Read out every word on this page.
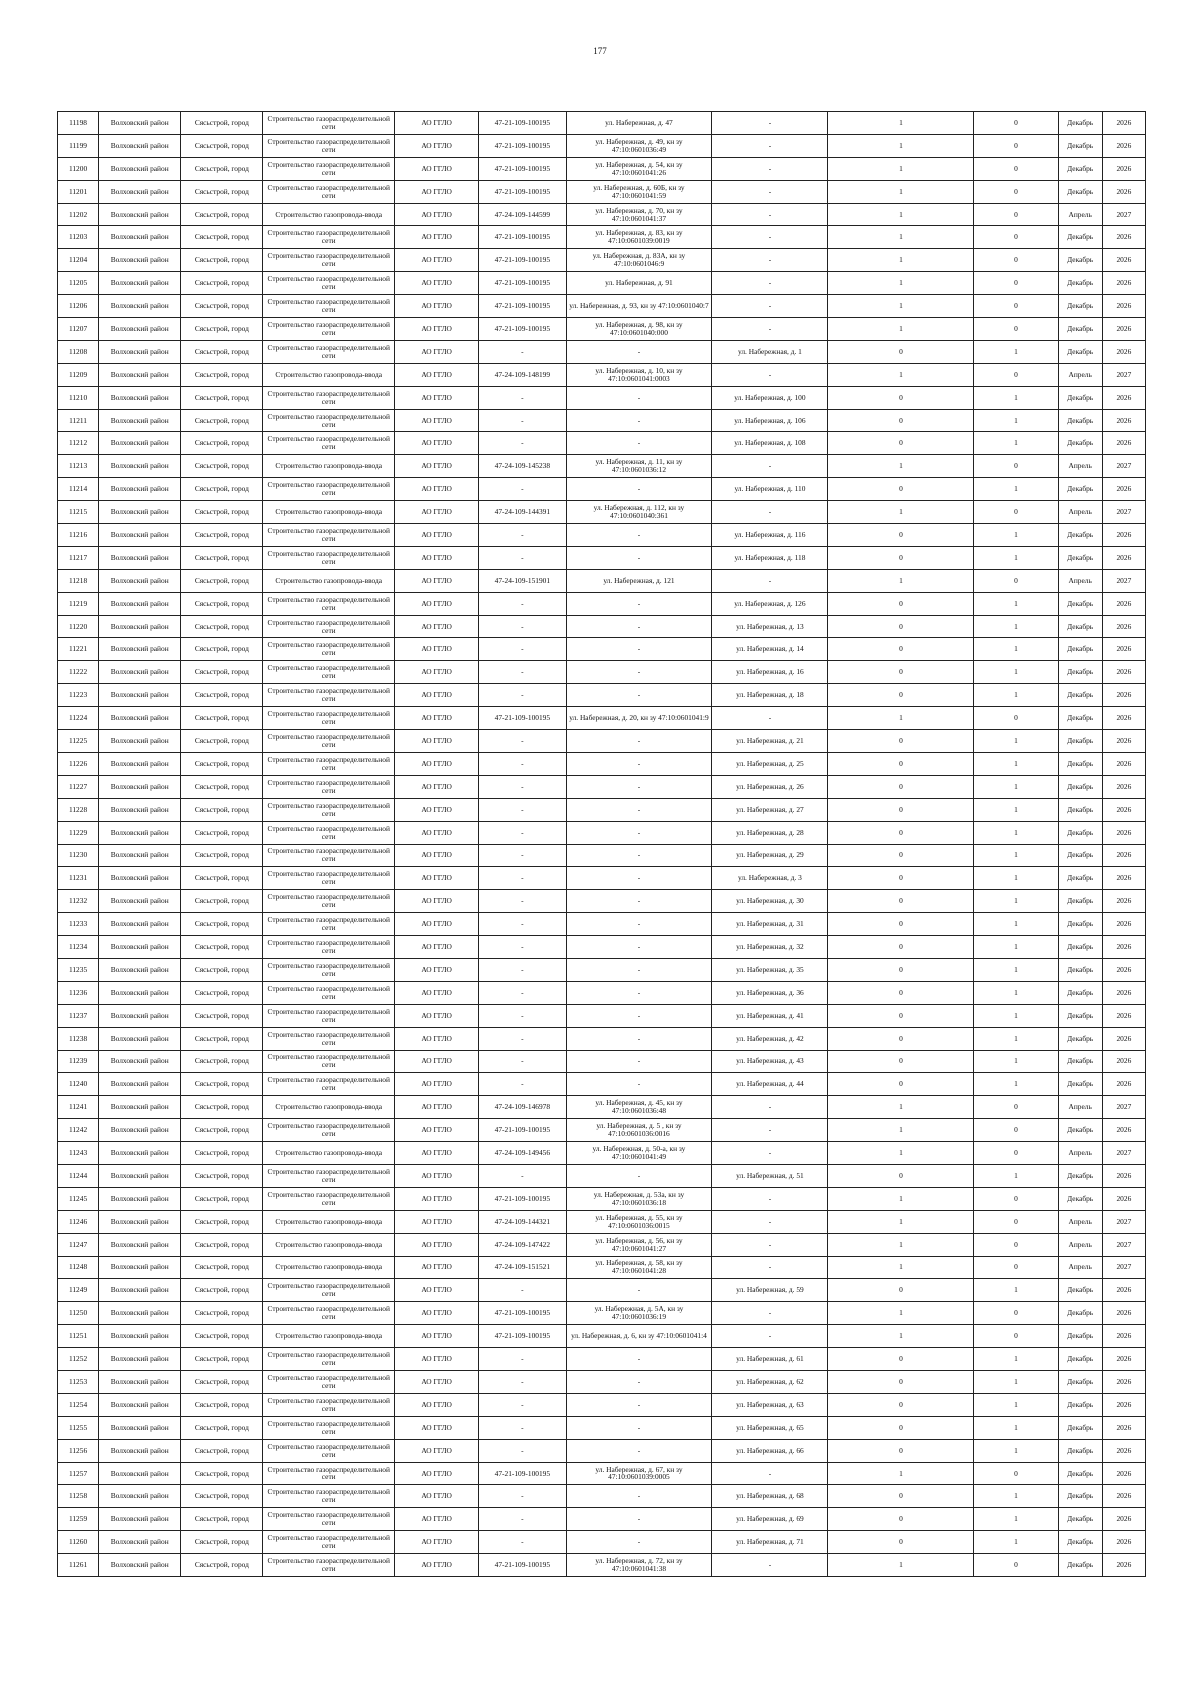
177
11198	Волховский район	Сясьстрой, город	Строительство газораспределительной сети	АО ГГЛО	47-21-109-100195	ул. Набережная, д. 47	-	1	0	Декабрь	2026
11199	Волховский район	Сясьстрой, город	Строительство газораспределительной сети	АО ГГЛО	47-21-109-100195	ул. Набережная, д. 49, кн зу 47:10:0601036:49	-	1	0	Декабрь	2026
11200	Волховский район	Сясьстрой, город	Строительство газораспределительной сети	АО ГГЛО	47-21-109-100195	ул. Набережная, д. 54, кн зу 47:10:0601041:26	-	1	0	Декабрь	2026
11201	Волховский район	Сясьстрой, город	Строительство газораспределительной сети	АО ГГЛО	47-21-109-100195	ул. Набережная, д. 60Б, кн зу 47:10:0601041:59	-	1	0	Декабрь	2026
11202	Волховский район	Сясьстрой, город	Строительство газопровода-ввода	АО ГГЛО	47-24-109-144599	ул. Набережная, д. 70, кн зу 47:10:0601041:37	-	1	0	Апрель	2027
11203	Волховский район	Сясьстрой, город	Строительство газораспределительной сети	АО ГГЛО	47-21-109-100195	ул. Набережная, д. 83, кн зу 47:10:0601039:0019	-	1	0	Декабрь	2026
11204	Волховский район	Сясьстрой, город	Строительство газораспределительной сети	АО ГГЛО	47-21-109-100195	ул. Набережная, д. 83А, кн зу 47:10:0601046:9	-	1	0	Декабрь	2026
11205	Волховский район	Сясьстрой, город	Строительство газораспределительной сети	АО ГГЛО	47-21-109-100195	ул. Набережная, д. 91	-	1	0	Декабрь	2026
11206	Волховский район	Сясьстрой, город	Строительство газораспределительной сети	АО ГГЛО	47-21-109-100195	ул. Набережная, д. 93, кн зу 47:10:0601040:7	-	1	0	Декабрь	2026
11207	Волховский район	Сясьстрой, город	Строительство газораспределительной сети	АО ГГЛО	47-21-109-100195	ул. Набережная, д. 98, кн зу 47:10:0601040:000	-	1	0	Декабрь	2026
11208	Волховский район	Сясьстрой, город	Строительство газораспределительной сети	АО ГГЛО	-	-	ул. Набережная, д. 1	0	1	Декабрь	2026
11209	Волховский район	Сясьстрой, город	Строительство газопровода-ввода	АО ГГЛО	47-24-109-148199	ул. Набережная, д. 10, кн зу 47:10:0601041:0003	-	1	0	Апрель	2027
11210	Волховский район	Сясьстрой, город	Строительство газораспределительной сети	АО ГГЛО	-	-	ул. Набережная, д. 100	0	1	Декабрь	2026
11211	Волховский район	Сясьстрой, город	Строительство газораспределительной сети	АО ГГЛО	-	-	ул. Набережная, д. 106	0	1	Декабрь	2026
11212	Волховский район	Сясьстрой, город	Строительство газораспределительной сети	АО ГГЛО	-	-	ул. Набережная, д. 108	0	1	Декабрь	2026
11213	Волховский район	Сясьстрой, город	Строительство газопровода-ввода	АО ГГЛО	47-24-109-145238	ул. Набережная, д. 11, кн зу 47:10:0601036:12	-	1	0	Апрель	2027
11214	Волховский район	Сясьстрой, город	Строительство газораспределительной сети	АО ГГЛО	-	-	ул. Набережная, д. 110	0	1	Декабрь	2026
11215	Волховский район	Сясьстрой, город	Строительство газопровода-ввода	АО ГГЛО	47-24-109-144391	ул. Набережная, д. 112, кн зу 47:10:0601040:361	-	1	0	Апрель	2027
11216	Волховский район	Сясьстрой, город	Строительство газораспределительной сети	АО ГГЛО	-	-	ул. Набережная, д. 116	0	1	Декабрь	2026
11217	Волховский район	Сясьстрой, город	Строительство газораспределительной сети	АО ГГЛО	-	-	ул. Набережная, д. 118	0	1	Декабрь	2026
11218	Волховский район	Сясьстрой, город	Строительство газопровода-ввода	АО ГГЛО	47-24-109-151901	ул. Набережная, д. 121	-	1	0	Апрель	2027
11219	Волховский район	Сясьстрой, город	Строительство газораспределительной сети	АО ГГЛО	-	-	ул. Набережная, д. 126	0	1	Декабрь	2026
11220	Волховский район	Сясьстрой, город	Строительство газораспределительной сети	АО ГГЛО	-	-	ул. Набережная, д. 13	0	1	Декабрь	2026
11221	Волховский район	Сясьстрой, город	Строительство газораспределительной сети	АО ГГЛО	-	-	ул. Набережная, д. 14	0	1	Декабрь	2026
11222	Волховский район	Сясьстрой, город	Строительство газораспределительной сети	АО ГГЛО	-	-	ул. Набережная, д. 16	0	1	Декабрь	2026
11223	Волховский район	Сясьстрой, город	Строительство газораспределительной сети	АО ГГЛО	-	-	ул. Набережная, д. 18	0	1	Декабрь	2026
11224	Волховский район	Сясьстрой, город	Строительство газораспределительной сети	АО ГГЛО	47-21-109-100195	ул. Набережная, д. 20, кн зу 47:10:0601041:9	-	1	0	Декабрь	2026
11225	Волховский район	Сясьстрой, город	Строительство газораспределительной сети	АО ГГЛО	-	-	ул. Набережная, д. 21	0	1	Декабрь	2026
11226	Волховский район	Сясьстрой, город	Строительство газораспределительной сети	АО ГГЛО	-	-	ул. Набережная, д. 25	0	1	Декабрь	2026
11227	Волховский район	Сясьстрой, город	Строительство газораспределительной сети	АО ГГЛО	-	-	ул. Набережная, д. 26	0	1	Декабрь	2026
11228	Волховский район	Сясьстрой, город	Строительство газораспределительной сети	АО ГГЛО	-	-	ул. Набережная, д. 27	0	1	Декабрь	2026
11229	Волховский район	Сясьстрой, город	Строительство газораспределительной сети	АО ГГЛО	-	-	ул. Набережная, д. 28	0	1	Декабрь	2026
11230	Волховский район	Сясьстрой, город	Строительство газораспределительной сети	АО ГГЛО	-	-	ул. Набережная, д. 29	0	1	Декабрь	2026
11231	Волховский район	Сясьстрой, город	Строительство газораспределительной сети	АО ГГЛО	-	-	ул. Набережная, д. 3	0	1	Декабрь	2026
11232	Волховский район	Сясьстрой, город	Строительство газораспределительной сети	АО ГГЛО	-	-	ул. Набережная, д. 30	0	1	Декабрь	2026
11233	Волховский район	Сясьстрой, город	Строительство газораспределительной сети	АО ГГЛО	-	-	ул. Набережная, д. 31	0	1	Декабрь	2026
11234	Волховский район	Сясьстрой, город	Строительство газораспределительной сети	АО ГГЛО	-	-	ул. Набережная, д. 32	0	1	Декабрь	2026
11235	Волховский район	Сясьстрой, город	Строительство газораспределительной сети	АО ГГЛО	-	-	ул. Набережная, д. 35	0	1	Декабрь	2026
11236	Волховский район	Сясьстрой, город	Строительство газораспределительной сети	АО ГГЛО	-	-	ул. Набережная, д. 36	0	1	Декабрь	2026
11237	Волховский район	Сясьстрой, город	Строительство газораспределительной сети	АО ГГЛО	-	-	ул. Набережная, д. 41	0	1	Декабрь	2026
11238	Волховский район	Сясьстрой, город	Строительство газораспределительной сети	АО ГГЛО	-	-	ул. Набережная, д. 42	0	1	Декабрь	2026
11239	Волховский район	Сясьстрой, город	Строительство газораспределительной сети	АО ГГЛО	-	-	ул. Набережная, д. 43	0	1	Декабрь	2026
11240	Волховский район	Сясьстрой, город	Строительство газораспределительной сети	АО ГГЛО	-	-	ул. Набережная, д. 44	0	1	Декабрь	2026
11241	Волховский район	Сясьстрой, город	Строительство газопровода-ввода	АО ГГЛО	47-24-109-146978	ул. Набережная, д. 45, кн зу 47:10:0601036:48	-	1	0	Апрель	2027
11242	Волховский район	Сясьстрой, город	Строительство газораспределительной сети	АО ГГЛО	47-21-109-100195	ул. Набережная, д. 5 , кн зу 47:10:0601036:0016	-	1	0	Декабрь	2026
11243	Волховский район	Сясьстрой, город	Строительство газопровода-ввода	АО ГГЛО	47-24-109-149456	ул. Набережная, д. 50-а, кн зу 47:10:0601041:49	-	1	0	Апрель	2027
11244	Волховский район	Сясьстрой, город	Строительство газораспределительной сети	АО ГГЛО	-	-	ул. Набережная, д. 51	0	1	Декабрь	2026
11245	Волховский район	Сясьстрой, город	Строительство газораспределительной сети	АО ГГЛО	47-21-109-100195	ул. Набережная, д. 53а, кн зу 47:10:0601036:18	-	1	0	Декабрь	2026
11246	Волховский район	Сясьстрой, город	Строительство газопровода-ввода	АО ГГЛО	47-24-109-144321	ул. Набережная, д. 55, кн зу 47:10:0601036:0015	-	1	0	Апрель	2027
11247	Волховский район	Сясьстрой, город	Строительство газопровода-ввода	АО ГГЛО	47-24-109-147422	ул. Набережная, д. 56, кн зу 47:10:0601041:27	-	1	0	Апрель	2027
11248	Волховский район	Сясьстрой, город	Строительство газопровода-ввода	АО ГГЛО	47-24-109-151521	ул. Набережная, д. 58, кн зу 47:10:0601041:28	-	1	0	Апрель	2027
11249	Волховский район	Сясьстрой, город	Строительство газораспределительной сети	АО ГГЛО	-	-	ул. Набережная, д. 59	0	1	Декабрь	2026
11250	Волховский район	Сясьстрой, город	Строительство газораспределительной сети	АО ГГЛО	47-21-109-100195	ул. Набережная, д. 5А, кн зу 47:10:0601036:19	-	1	0	Декабрь	2026
11251	Волховский район	Сясьстрой, город	Строительство газопровода-ввода	АО ГГЛО	47-21-109-100195	ул. Набережная, д. 6, кн зу 47:10:0601041:4	-	1	0	Декабрь	2026
11252	Волховский район	Сясьстрой, город	Строительство газораспределительной сети	АО ГГЛО	-	-	ул. Набережная, д. 61	0	1	Декабрь	2026
11253	Волховский район	Сясьстрой, город	Строительство газораспределительной сети	АО ГГЛО	-	-	ул. Набережная, д. 62	0	1	Декабрь	2026
11254	Волховский район	Сясьстрой, город	Строительство газораспределительной сети	АО ГГЛО	-	-	ул. Набережная, д. 63	0	1	Декабрь	2026
11255	Волховский район	Сясьстрой, город	Строительство газораспределительной сети	АО ГГЛО	-	-	ул. Набережная, д. 65	0	1	Декабрь	2026
11256	Волховский район	Сясьстрой, город	Строительство газораспределительной сети	АО ГГЛО	-	-	ул. Набережная, д. 66	0	1	Декабрь	2026
11257	Волховский район	Сясьстрой, город	Строительство газораспределительной сети	АО ГГЛО	47-21-109-100195	ул. Набережная, д. 67, кн зу 47:10:0601039:0005	-	1	0	Декабрь	2026
11258	Волховский район	Сясьстрой, город	Строительство газораспределительной сети	АО ГГЛО	-	-	ул. Набережная, д. 68	0	1	Декабрь	2026
11259	Волховский район	Сясьстрой, город	Строительство газораспределительной сети	АО ГГЛО	-	-	ул. Набережная, д. 69	0	1	Декабрь	2026
11260	Волховский район	Сясьстрой, город	Строительство газораспределительной сети	АО ГГЛО	-	-	ул. Набережная, д. 71	0	1	Декабрь	2026
11261	Волховский район	Сясьстрой, город	Строительство газораспределительной сети	АО ГГЛО	47-21-109-100195	ул. Набережная, д. 72, кн зу 47:10:0601041:38	-	1	0	Декабрь	2026
